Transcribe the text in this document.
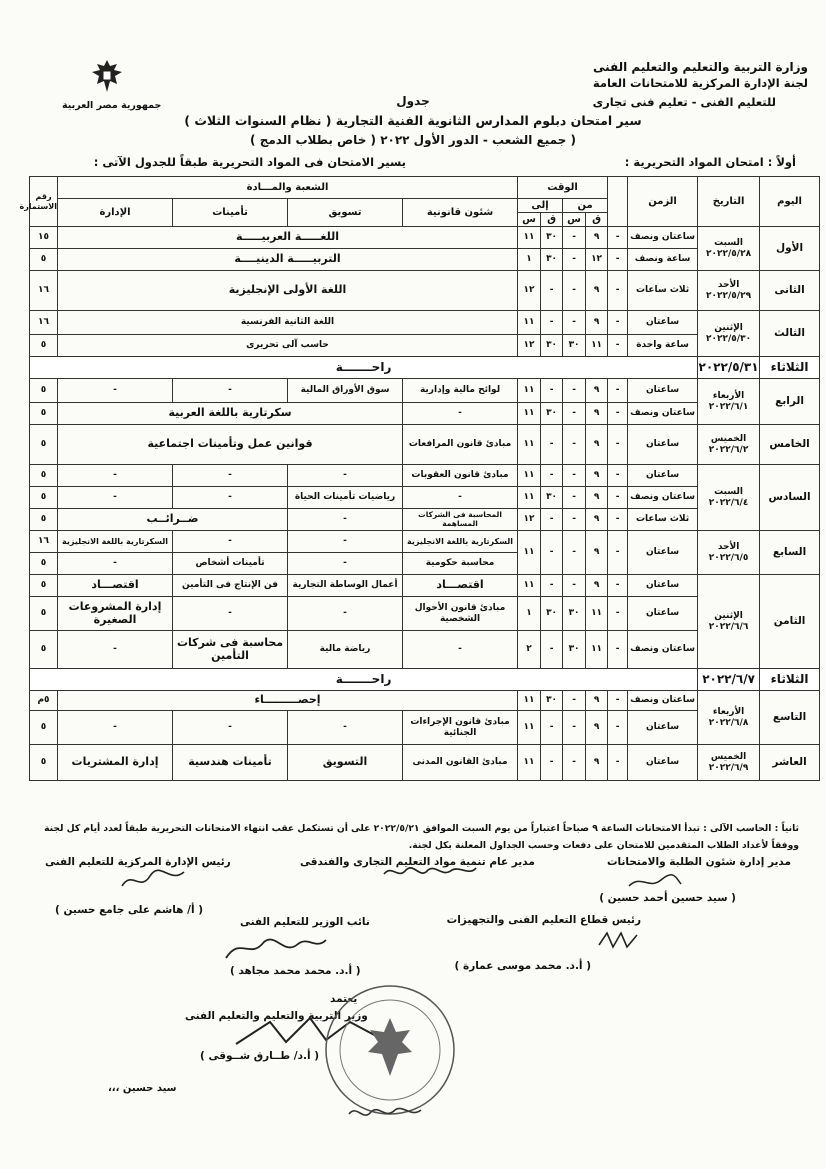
وزارة التربية والتعليم والتعليم الفنى
لجنة الإدارة المركزية للامتحانات العامة
للتعليم الفنى - تعليم فنى تجارى
جمهورية مصر العربية	جدول
سير امتحان دبلوم المدارس الثانوية الفنية التجارية ( نظام السنوات الثلاث )
( جميع الشعب - الدور الأول ٢٠٢٢ ( خاص بطلاب الدمج )
أولاً : امتحان المواد التحريرية :
يسير الامتحان فى المواد التحريرية طبقاً للجدول الآتى :
اليوم	التاريخ	الزمن		الوقت				الشعبة والمـــادة				رقم الاستمارة
				من		إلى		شئون قانونية	تسويق	تأمينات	الإدارة	
				ق	س	ق	س					
الأول	السبت ٢٠٢٢/٥/٢٨	ساعتان ونصف	-	٩	-	٣٠	١١	اللغـــــة العربيـــــة				١٥
		ساعة ونصف	-	١٢	-	٣٠	١	التربيـــــة الدينيــــة				٥
الثانى	الأحد ٢٠٢٢/٥/٢٩	ثلاث ساعات	-	٩	-	-	١٢	اللغة الأولى الإنجليزية				١٦
الثالث	الإثنين ٢٠٢٢/٥/٣٠	ساعتان	-	٩	-	-	١١	اللغة الثانية الفرنسية				١٦
		ساعة واحدة	-	١١	٣٠	٣٠	١٢	حاسب آلى تحريرى				٥
الثلاثاء	٢٠٢٢/٥/٣١	راحـــــــة										
الرابع	الأربعاء ٢٠٢٢/٦/١	ساعتان	-	٩	-	-	١١	لوائح مالية وإدارية	سوق الأوراق المالية	-	-	٥
		ساعتان ونصف	-	٩	-	٣٠	١١	-	سكرتارية باللغة العربية			٥
الخامس	الخميس ٢٠٢٢/٦/٢	ساعتان	-	٩	-	-	١١	مبادئ قانون المرافعات	قوانين عمل وتأمينات اجتماعية			٥
السادس	السبت ٢٠٢٢/٦/٤	ساعتان	-	٩	-	-	١١	مبادئ قانون العقوبات	-	-	-	٥
		ساعتان ونصف	-	٩	-	٣٠	١١	-	رياضيات تأمينات الحياة	-	-	٥
		ثلاث ساعات	-	٩	-	-	١٢	المحاسبة فى الشركات المساهمة	-	ضــرائــب		٥
السابع	الأحد ٢٠٢٢/٦/٥	ساعتان	-	٩	-	-	١١	السكرتارية باللغة الانجليزية	-	-	السكرتارية باللغة الانجليزية	١٦
								محاسبة حكومية	-	تأمينات أشخاص	-	٥
الثامن	الإثنين ٢٠٢٢/٦/٦	ساعتان	-	٩	-	-	١١	اقتصـــاد	أعمال الوساطة التجارية	فن الإنتاج فى التأمين	اقتصـــاد	٥
		ساعتان	-	١١	٣٠	٣٠	١	مبادئ قانون الأحوال الشخصية	-	-	إدارة المشروعات الصغيرة	٥
		ساعتان ونصف	-	١١	٣٠	-	٢	-	رياضة مالية	محاسبة فى شركات التأمين	-	٥
الثلاثاء	٢٠٢٢/٦/٧	راحـــــــة										
التاسع	الأربعاء ٢٠٢٢/٦/٨	ساعتان ونصف	-	٩	-	٣٠	١١	إحصـــــــــاء				٥م
		ساعتان	-	٩	-	-	١١	مبادئ قانون الإجراءات الجنائية	-	-	-	٥
العاشر	الخميس ٢٠٢٢/٦/٩	ساعتان	-	٩	-	-	١١	مبادئ القانون المدنى	التسويق	تأمينات هندسية	إدارة المشتريات	٥
ثانياً : الحاسب الآلى : تبدأ الامتحانات الساعة ٩ صباحاً اعتباراً من يوم السبت الموافق ٢٠٢٢/٥/٢١ على أن تستكمل عقب انتهاء الامتحانات التحريرية طبقاً لعدد أيام كل لجنة
ووفقاً لأعداد الطلاب المتقدمين للامتحان على دفعات وحسب الجداول المعلنة بكل لجنة.
مدير إدارة شئون الطلبة والامتحانات
( سيد حسين أحمد حسين )
مدير عام تنمية مواد التعليم التجارى والفندقى
رئيس الإدارة المركزية للتعليم الفنى
( أ/ هاشم على جامع حسين )
رئيس قطاع التعليم الفنى والتجهيزات
( أ.د. محمد موسى عمارة )
نائب الوزير للتعليم الفنى
( أ.د. محمد محمد مجاهد )
يعتمد
وزير التربية والتعليم والتعليم الفنى
( أ.د/ طــارق شــوقى )
سيد حسين ،،،
